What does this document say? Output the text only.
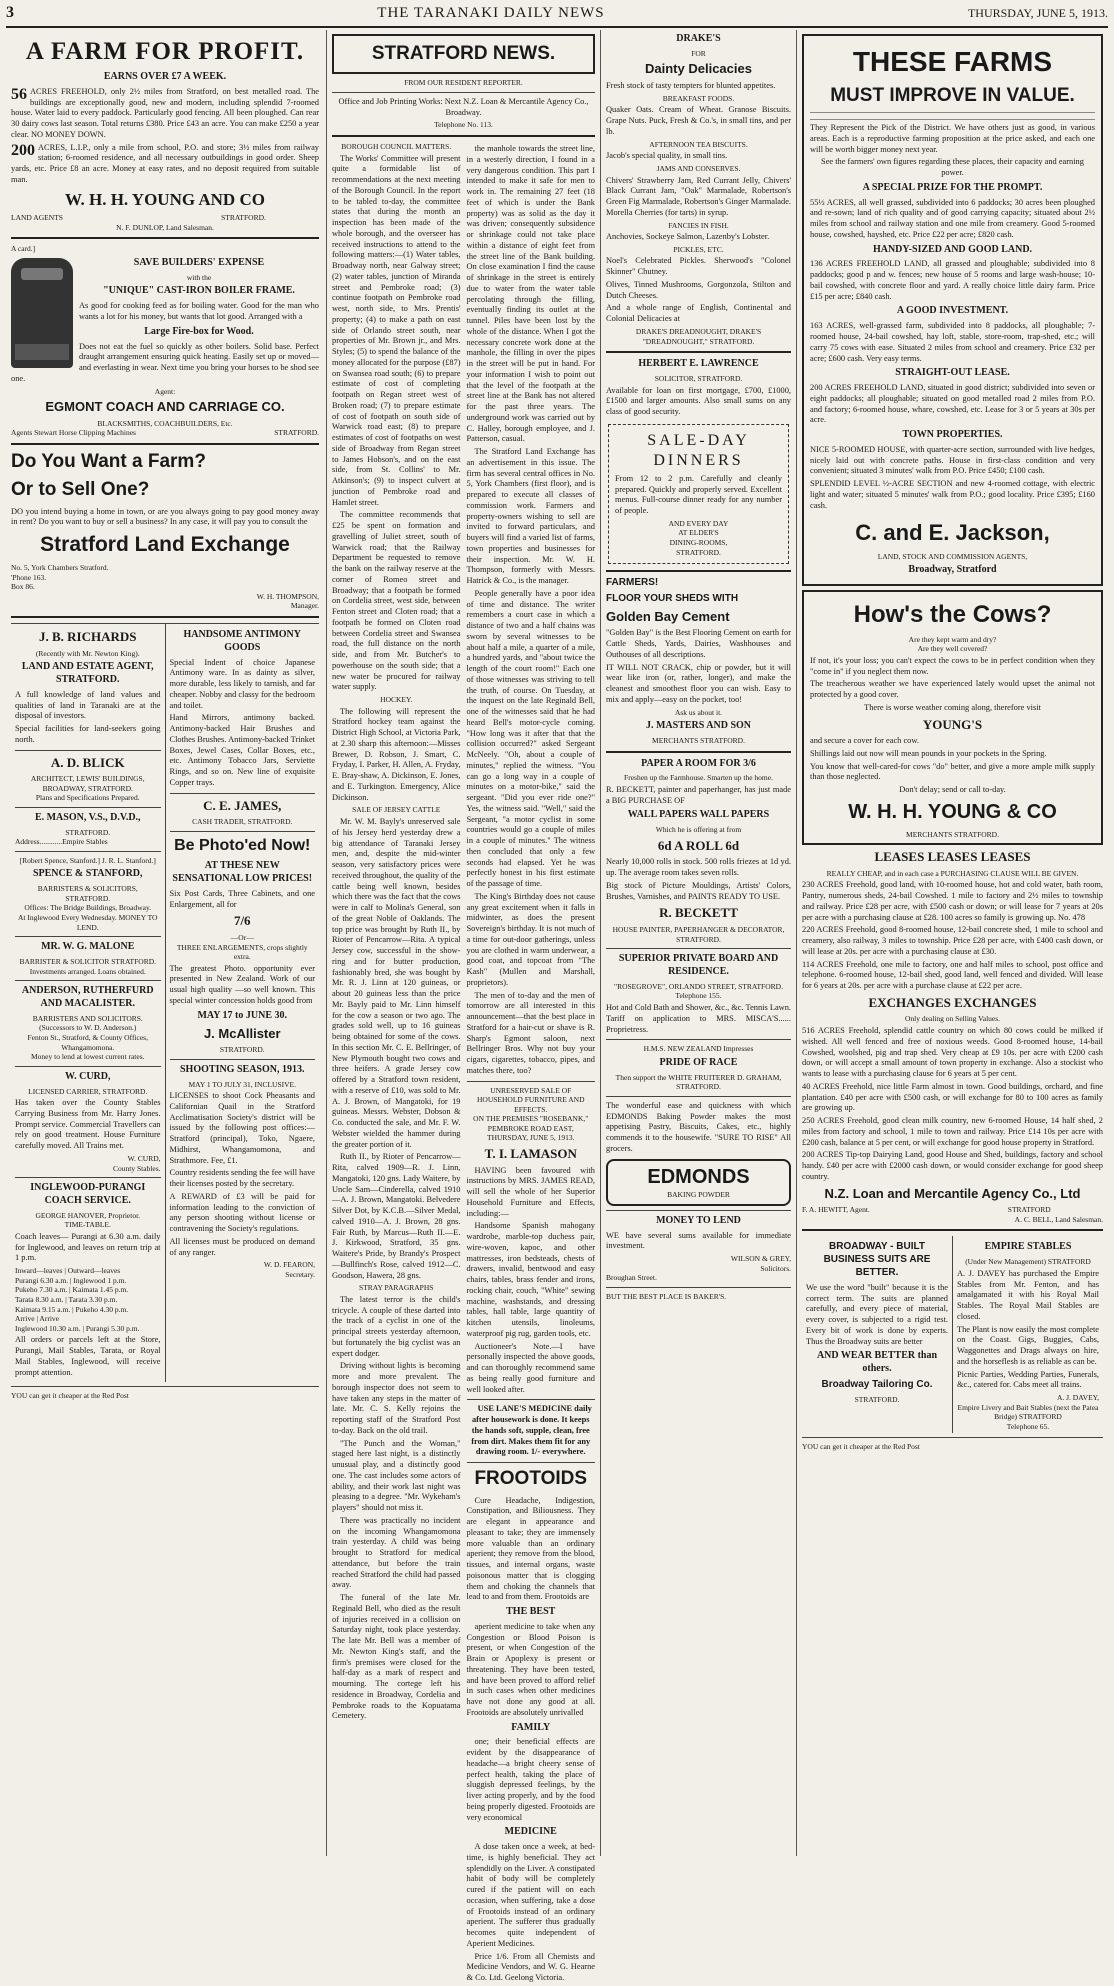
3	THE TARANAKI DAILY NEWS	THURSDAY, JUNE 5, 1913.
A FARM FOR PROFIT.
EARNS OVER £7 A WEEK.

56 ACRES FREEHOLD, only 2½ miles from Stratford, on best metalled road. The buildings are exceptionally good, new and modern, including splendid 7-roomed house. Water laid to every paddock. Particularly good fencing. All been ploughed. Can rear 30 dairy cows last season. Total returns £380. Price £43 an acre. You can make £250 a year clear. NO MONEY DOWN.

200 ACRES, L.I.P., only a mile from school, P.O. and store; 3½ miles from railway station; 6-roomed residence, and all necessary outbuildings in good order. Sheep yards, etc. Price £8 an acre. Money at easy rates, and no deposit required from suitable man.

W. H. H. YOUNG AND CO
LAND AGENTS	STRATFORD.
N. F. DUNLOP, Land Salesman.
A card.]
SAVE BUILDERS' EXPENSE
with the
"UNIQUE" CAST-IRON BOILER FRAME.

As good for cooking feed as for boiling water. Good for the man who wants a lot for his money, but wants that lot good. Arranged with a

Large Fire-box for Wood.

Does not eat the fuel so quickly as other boilers. Solid base. Perfect draught arrangement ensuring quick heating. Easily set up or moved—and everlasting in wear. Next time you bring your horses to be shod see one.

Agent:
EGMONT COACH AND CARRIAGE CO.
BLACKSMITHS, COACHBUILDERS, Etc.
Agents Stewart Horse Clipping Machines	STRATFORD.
Do You Want a Farm?
Or to Sell One?

DO you intend buying a home in town, or are you always going to pay good money away in rent? Do you want to buy or sell a business? In any case, it will pay you to consult the

Stratford Land Exchange
No. 5, York Chambers Stratford.
'Phone 163.
Box 86.
W. H. THOMPSON,
Manager.
J. B. RICHARDS
(Recently with Mr. Newton King).
LAND AND ESTATE AGENT, STRATFORD.

A full knowledge of land values and qualities of land in Taranaki are at the disposal of investors.

Special facilities for land-seekers going north.

A. D. BLICK
ARCHITECT, LEWIS' BUILDINGS, BROADWAY, STRATFORD.
Plans and Specifications Prepared.
E. MASON, V.S., D.V.D.,
STRATFORD.
Address............Empire Stables
[Robert Spence, Stanford.] J. R. L. Stanford.]
SPENCE & STANFORD,
BARRISTERS & SOLICITORS, STRATFORD.
Offices: The Bridge Buildings, Broadway.
At Inglewood Every Wednesday. MONEY TO LEND.
MR. W. G. MALONE
BARRISTER & SOLICITOR STRATFORD.
Investments arranged. Loans obtained.
ANDERSON, RUTHERFURD AND MACALISTER.
BARRISTERS AND SOLICITORS. (Successors to W. D. Anderson.)
Fenton St., Stratford, & County Offices, Whangamomona.
Money to lend at lowest current rates.
W. CURD,
LICENSED CARRIER, STRATFORD.

Has taken over the County Stables Carrying Business from Mr. Harry Jones. Prompt service. Commercial Travellers can rely on good treatment. House Furniture carefully moved. All Trains met.

W. CURD,
County Stables.
INGLEWOOD-PURANGI COACH SERVICE.
GEORGE HANOVER, Proprietor.
TIME-TABLE.

Coach leaves— Purangi at 6.30 a.m. daily for Inglewood, and leaves on return trip at 1 p.m.

Inward—leaves | Outward—leaves
Purangi 6.30 a.m. | Inglewood 1 p.m.
Pukeho 7.30 a.m. | Kaimata 1.45 p.m.
Tarata 8.30 a.m. | Tarata 3.30 p.m.
Kaimata 9.15 a.m. | Pukeho 4.30 p.m.
Arrive | Arrive
Inglewood 10.30 a.m. | Purangi 5.30 p.m.

All orders or parcels left at the Store, Purangi, Mail Stables, Tarata, or Royal Mail Stables, Inglewood, will receive prompt attention.

HANDSOME ANTIMONY GOODS

Special Indent of choice Japanese Antimony ware. In as dainty as silver, more durable, less likely to tarnish, and far cheaper. Nobby and classy for the bedroom and toilet.

Hand Mirrors, antimony backed. Antimony-backed Hair Brushes and Clothes Brushes. Antimony-backed Trinket Boxes, Jewel Cases, Collar Boxes, etc., etc. Antimony Tobacco Jars, Serviette Rings, and so on. New line of exquisite Copper trays.

C. E. JAMES,
CASH TRADER, STRATFORD.
Be Photo'ed Now!
AT THESE NEW SENSATIONAL LOW PRICES!

Six Post Cards, Three Cabinets, and one Enlargement, all for

7/6
—Or—
THREE ENLARGEMENTS, crops slightly extra.

The greatest Photo. opportunity ever presented in New Zealand. Work of our usual high quality —so well known. This special winter concession holds good from

MAY 17 to JUNE 30.
J. McAllister
STRATFORD.
SHOOTING SEASON, 1913.
MAY 1 TO JULY 31, INCLUSIVE.

LICENSES to shoot Cock Pheasants and Californian Quail in the Stratford Acclimatisation Society's district will be issued by the following post offices:—Stratford (principal), Toko, Ngaere, Midhirst, Whangamomona, and Strathmore. Fee, £1.

Country residents sending the fee will have their licenses posted by the secretary.

A REWARD of £3 will be paid for information leading to the conviction of any person shooting without license or contravening the Society's regulations.

All licenses must be produced on demand of any ranger.

W. D. FEARON,
Secretary.
YOU can get it cheaper at the Red Post
STRATFORD NEWS.
FROM OUR RESIDENT REPORTER.

Office and Job Printing Works: Next N.Z. Loan & Mercantile Agency Co., Broadway.

Telephone No. 113.
BOROUGH COUNCIL MATTERS.

The Works' Committee will present quite a formidable list of recommendations at the next meeting of the Borough Council. In the report to be tabled to-day, the committee states that during the month an inspection has been made of the whole borough, and the overseer has received instructions to attend to the following matters:—(1) Water tables, Broadway north, near Galway street; (2) water tables, junction of Miranda street and Pembroke road; (3) continue footpath on Pembroke road west, north side, to Mrs. Prentis' property; (4) to make a path on east side of Orlando street south, near properties of Mr. Brown jr., and Mrs. Styles; (5) to spend the balance of the money allocated for the purpose (£87) on Swansea road south; (6) to prepare estimate of cost of completing footpath on Regan street west of Broken road; (7) to prepare estimate of cost of footpath on south side of Warwick road east; (8) to prepare estimates of cost of footpaths on west side of Broadway from Regan street to James Hobson's, and on the east side, from St. Collins' to Mr. Atkinson's; (9) to inspect culvert at junction of Pembroke road and Hamlet street.

The committee recommends that £25 be spent on formation and gravelling of Juliet street, south of Warwick road; that the Railway Department be requested to remove the bank on the railway reserve at the corner of Romeo street and Broadway; that a footpath be formed on Cordelia street, west side, between Fenton street and Cloten road; that a footpath be formed on Cloten road between Cordelia street and Swansea road, the full distance on the north side, and from Mr. Butcher's to powerhouse on the south side; that a new water be procured for railway water supply.

HOCKEY.

The following will represent the Stratford hockey team against the District High School, at Victoria Park, at 2.30 sharp this afternoon:—Misses Brewer, D. Robson, J. Smart, C. Fryday, I. Parker, H. Allen, A. Fryday, E. Bray-shaw, A. Dickinson, E. Jones, and E. Turkington. Emergency, Alice Dickinson.

SALE OF JERSEY CATTLE

Mr. W. M. Bayly's unreserved sale of his Jersey herd yesterday drew a big attendance of Taranaki Jersey men, and, despite the mid-winter season, very satisfactory prices were received throughout, the quality of the cattle being well known, besides which there was the fact that the cows were in calf to Molina's General, son of the great Noble of Oaklands. The top price was brought by Ruth II., by Rioter of Pencarrow—Rita. A typical Jersey cow, successful in the show-ring and for butter production, fashionably bred, she was bought by Mr. R. J. Linn at 120 guineas, or about 20 guineas less than the price Mr. Bayly paid to Mr. Linn himself for the cow a season or two ago. The grades sold well, up to 16 guineas being obtained for some of the cows. In this section Mr. C. E. Bellringer, of New Plymouth bought two cows and three heifers. A grade Jersey cow offered by a Stratford town resident, with a reserve of £10, was sold to Mr. A. J. Brown, of Mangatoki, for 19 guineas. Messrs. Webster, Dobson & Co. conducted the sale, and Mr. F. W. Webster wielded the hammer during the greater portion of it.

Ruth II., by Rioter of Pencarrow—Rita, calved 1909—R. J. Linn, Mangatoki, 120 gns. Lady Waitere, by Uncle Sam—Cinderella, calved 1910—A. J. Brown, Mangatoki. Belvedere Silver Dot, by K.C.B.—Silver Medal, calved 1910—A. J. Brown, 28 gns. Fair Ruth, by Marcus—Ruth II.—E. J. Kirkwood, Stratford, 35 gns. Waitere's Pride, by Brandy's Prospect—Bullfinch's Rose, calved 1912—C. Goodson, Hawera, 28 gns.

STRAY PARAGRAPHS

The latest terror is the child's tricycle. A couple of these darted into the track of a cyclist in one of the principal streets yesterday afternoon, but fortunately the big cyclist was an expert dodger.

Driving without lights is becoming more and more prevalent. The borough inspector does not seem to have taken any steps in the matter of late. Mr. C. S. Kelly rejoins the reporting staff of the Stratford Post to-day. Back on the old trail.

"The Punch and the Woman," staged here last night, is a distinctly unusual play, and a distinctly good one. The cast includes some actors of ability, and their work last night was pleasing to a degree. "Mr. Wykeham's players" should not miss it.

There was practically no incident on the incoming Whangamomona train yesterday. A child was being brought to Stratford for medical attendance, but before the train reached Stratford the child had passed away.

The funeral of the late Mr. Reginald Bell, who died as the result of injuries received in a collision on Saturday night, took place yesterday. The late Mr. Bell was a member of Mr. Newton King's staff, and the firm's premises were closed for the half-day as a mark of respect and mourning. The cortege left his residence in Broadway, Cordelia and Pembroke roads to the Kopuatama Cemetery.

the manhole towards the street line, in a westerly direction, I found in a very dangerous condition. This part I intended to make it safe for men to work in. The remaining 27 feet (18 feet of which is under the Bank property) was as solid as the day it was driven; consequently subsidence or shrinkage could not take place within a distance of eight feet from the street line of the Bank building. On close examination I find the cause of shrinkage in the street is entirely due to water from the water table percolating through the filling, eventually finding its outlet at the tunnel. Piles have been lost by the whole of the distance. When I got the necessary concrete work done at the manhole, the filling in over the pipes in the street will be put in hand. For your information I wish to point out that the level of the footpath at the street line at the Bank has not altered for the past three years. The underground work was carried out by C. Halley, borough employee, and J. Patterson, casual.

The Stratford Land Exchange has an advertisement in this issue. The firm has several central offices in No. 5, York Chambers (first floor), and is prepared to execute all classes of commission work. Farmers and property-owners wishing to sell are invited to forward particulars, and buyers will find a varied list of farms, town properties and businesses for their inspection. Mr. W. H. Thompson, formerly with Messrs. Hatrick & Co., is the manager.

People generally have a poor idea of time and distance. The writer remembers a court case in which a distance of two and a half chains was sworn by several witnesses to be about half a mile, a quarter of a mile, a hundred yards, and "about twice the length of the court room!" Each one of those witnesses was striving to tell the truth, of course. On Tuesday, at the inquest on the late Reginald Bell, one of the witnesses said that he had heard Bell's motor-cycle coming. "How long was it after that that the collision occurred?" asked Sergeant McNeely. "Oh, about a couple of minutes," replied the witness. "You can go a long way in a couple of minutes on a motor-bike," said the sergeant. "Did you ever ride one?" Yes, the witness said. "Well," said the Sergeant, "a motor cyclist in some countries would go a couple of miles in a couple of minutes." The witness then concluded that only a few seconds had elapsed. Yet he was perfectly honest in his first estimate of the passage of time.

The King's Birthday does not cause any great excitement when it falls in midwinter, as does the present Sovereign's birthday. It is not much of a time for out-door gatherings, unless you are clothed in warm underwear, a good coat, and topcoat from "The Kash" (Mullen and Marshall, proprietors).

The men of to-day and the men of tomorrow are all interested in this announcement—that the best place in Stratford for a hair-cut or shave is R. Sharp's Egmont saloon, next Bellringer Bros. Why not buy your cigars, cigarettes, tobacco, pipes, and matches there, too?

UNRESERVED SALE OF HOUSEHOLD FURNITURE AND EFFECTS.
ON THE PREMISES "ROSEBANK," PEMBROKE ROAD EAST,
THURSDAY, JUNE 5, 1913.
T. I. LAMASON

HAVING been favoured with instructions by MRS. JAMES READ, will sell the whole of her Superior Household Furniture and Effects, including:—

Handsome Spanish mahogany wardrobe, marble-top duchess pair, wire-woven, kapoc, and other mattresses, iron bedsteads, chests of drawers, invalid, bentwood and easy chairs, tables, brass fender and irons, rocking chair, couch, "White" sewing machine, washstands, and dressing tables, hall table, large quantity of kitchen utensils, linoleums, waterproof pig rug, garden tools, etc.

Auctioneer's Note.—I have personally inspected the above goods, and can thoroughly recommend same as being really good furniture and well looked after.

USE LANE'S MEDICINE daily after housework is done. It keeps the hands soft, supple, clean, free from dirt. Makes them fit for any drawing room. 1/- everywhere.

FROOTOIDS

Cure Headache, Indigestion, Constipation, and Biliousness. They are elegant in appearance and pleasant to take; they are immensely more valuable than an ordinary aperient; they remove from the blood, tissues, and internal organs, waste poisonous matter that is clogging them and choking the channels that lead to and from them. Frootoids are

THE BEST

aperient medicine to take when any Congestion or Blood Poison is present, or when Congestion of the Brain or Apoplexy is present or threatening. They have been tested, and have been proved to afford relief in such cases when other medicines have not done any good at all. Frootoids are absolutely unrivalled

FAMILY

one; their beneficial effects are evident by the disappearance of headache—a bright cheery sense of perfect health, taking the place of sluggish depressed feelings, by the liver acting properly, and by the food being properly digested. Frootoids are very economical

MEDICINE

A dose taken once a week, at bed-time, is highly beneficial. They act splendidly on the Liver. A constipated habit of body will be completely cured if the patient will on each occasion, when suffering, take a dose of Frootoids instead of an ordinary aperient. The sufferer thus gradually becomes quite independent of Aperient Medicines.

Price 1/6. From all Chemists and Medicine Vendors, and W. G. Hearne & Co. Ltd. Geelong Victoria.

DRAKE'S
FOR
Dainty Delicacies

Fresh stock of tasty tempters for blunted appetites.

BREAKFAST FOODS.

Quaker Oats. Cream of Wheat. Granose Biscuits. Grape Nuts. Puck, Fresh & Co.'s, in small tins, and per lb.

AFTERNOON TEA BISCUITS.

Jacob's special quality, in small tins.

JAMS AND CONSERVES.

Chivers' Strawberry Jam, Red Currant Jelly, Chivers' Black Currant Jam, "Oak" Marmalade, Robertson's Green Fig Marmalade, Robertson's Ginger Marmalade. Morella Cherries (for tarts) in syrup.

FANCIES IN FISH.

Anchovies, Sockeye Salmon, Lazenby's Lobster.

PICKLES, ETC.

Noel's Celebrated Pickles. Sherwood's "Colonel Skinner" Chutney.

Olives, Tinned Mushrooms, Gorgonzola, Stilton and Dutch Cheeses.

And a whole range of English, Continental and Colonial Delicacies at

DRAKE'S DREADNOUGHT, DRAKE'S "DREADNOUGHT," STRATFORD.
HERBERT E. LAWRENCE
SOLICITOR, STRATFORD.

Available for loan on first mortgage, £700, £1000, £1500 and larger amounts. Also small sums on any class of good security.

SALE-DAY
DINNERS

From 12 to 2 p.m. Carefully and cleanly prepared. Quickly and properly served. Excellent menus. Full-course dinner ready for any number of people.

AND EVERY DAY
AT ELDER'S
DINING-ROOMS,
STRATFORD.
FARMERS!
FLOOR YOUR SHEDS WITH
Golden Bay Cement

"Golden Bay" is the Best Flooring Cement on earth for Cattle Sheds, Yards, Dairies, Washhouses and Outhouses of all descriptions.

IT WILL NOT CRACK, chip or powder, but it will wear like iron (or, rather, longer), and make the cleanest and smoothest floor you can wish. Easy to mix and apply—easy on the pocket, too!

Ask us about it.
J. MASTERS AND SON
MERCHANTS STRATFORD.
PAPER A ROOM FOR 3/6
Freshen up the Farmhouse. Smarten up the home.

R. BECKETT, painter and paperhanger, has just made a BIG PURCHASE OF

WALL PAPERS WALL PAPERS
Which he is offering at from
6d A ROLL 6d

Nearly 10,000 rolls in stock. 500 rolls friezes at 1d yd. up. The average room takes seven rolls.

Big stock of Picture Mouldings, Artists' Colors, Brushes, Varnishes, and PAINTS READY TO USE.

R. BECKETT
HOUSE PAINTER, PAPERHANGER & DECORATOR, STRATFORD.
SUPERIOR PRIVATE BOARD AND RESIDENCE.
"ROSEGROVE", ORLANDO STREET, STRATFORD. Telephone 155.

Hot and Cold Bath and Shower, &c., &c. Tennis Lawn. Tariff on application to MRS. MISCA'S...... Proprietress.

H.M.S. NEW ZEALAND Impresses
PRIDE OF RACE
Then support the WHITE FRUITERER D. GRAHAM, STRATFORD.

The wonderful ease and quickness with which EDMONDS Baking Powder makes the most appetising Pastry, Biscuits, Cakes, etc., highly commends it to the housewife. "SURE TO RISE" All grocers.

EDMONDS
BAKING POWDER
MONEY TO LEND

WE have several sums available for immediate investment.

WILSON & GREY,
Solicitors.
Broughan Street.
BUT THE BEST PLACE IS BAKER'S.
THESE FARMS
MUST IMPROVE IN VALUE.

They Represent the Pick of the District. We have others just as good, in various areas. Each is a reproductive farming proposition at the price asked, and each one will be worth bigger money next year.

See the farmers' own figures regarding these places, their capacity and earning power.

A SPECIAL PRIZE FOR THE PROMPT.

55½ ACRES, all well grassed, subdivided into 6 paddocks; 30 acres been ploughed and re-sown; land of rich quality and of good carrying capacity; situated about 2½ miles from school and railway station and one mile from creamery. Good 5-roomed house, cowshed, hayshed, etc. Price £22 per acre; £820 cash.

HANDY-SIZED AND GOOD LAND.

136 ACRES FREEHOLD LAND, all grassed and ploughable; subdivided into 8 paddocks; good p and w. fences; new house of 5 rooms and large wash-house; 10-bail cowshed, with concrete floor and yard. A really choice little dairy farm. Price £15 per acre; £840 cash.

A GOOD INVESTMENT.

163 ACRES, well-grassed farm, subdivided into 8 paddocks, all ploughable; 7-roomed house, 24-bail cowshed, hay loft, stable, store-room, trap-shed, etc.; will carry 75 cows with ease. Situated 2 miles from school and creamery. Price £32 per acre; £600 cash. Very easy terms.

STRAIGHT-OUT LEASE.

200 ACRES FREEHOLD LAND, situated in good district; subdivided into seven or eight paddocks; all ploughable; situated on good metalled road 2 miles from P.O. and factory; 6-roomed house, whare, cowshed, etc. Lease for 3 or 5 years at 30s per acre.

TOWN PROPERTIES.

NICE 5-ROOMED HOUSE, with quarter-acre section, surrounded with live hedges, nicely laid out with concrete paths. House in first-class condition and very convenient; situated 3 minutes' walk from P.O. Price £450; £100 cash.

SPLENDID LEVEL ½-ACRE SECTION and new 4-roomed cottage, with electric light and water; situated 5 minutes' walk from P.O.; good locality. Price £395; £160 cash.

C. and E. Jackson,
LAND, STOCK AND COMMISSION AGENTS,
Broadway, Stratford
How's the Cows?
Are they kept warm and dry?
Are they well covered?

If not, it's your loss; you can't expect the cows to be in perfect condition when they "come in" if you neglect them now.

The treacherous weather we have experienced lately would upset the animal not protected by a good cover.

There is worse weather coming along, therefore visit

YOUNG'S

and secure a cover for each cow.

Shillings laid out now will mean pounds in your pockets in the Spring.

You know that well-cared-for cows "do" better, and give a more ample milk supply than those neglected.

Don't delay; send or call to-day.

W. H. H. YOUNG & CO
MERCHANTS STRATFORD.
LEASES LEASES LEASES
REALLY CHEAP, and in each case a PURCHASING CLAUSE WILL BE GIVEN.

230 ACRES Freehold, good land, with 10-roomed house, hot and cold water, bath room, Pantry, numerous sheds, 24-bail Cowshed. 1 mile to factory and 2½ miles to township and railway. Price £28 per acre, with £500 cash or down; or will lease for 7 years at 20s per acre with a purchasing clause at £28. 100 acres so family is growing up. No. 478

220 ACRES Freehold, good 8-roomed house, 12-bail concrete shed, 1 mile to school and creamery, also railway, 3 miles to township. Price £28 per acre, with £400 cash down, or will lease at 20s. per acre with a purchasing clause at £30.

114 ACRES Freehold, one mile to factory, one and half miles to school, post office and telephone. 6-roomed house, 12-bail shed, good land, well fenced and divided. Will lease for 6 years at 20s. per acre with a purchase clause at £22 per acre.

EXCHANGES EXCHANGES
Only dealing on Selling Values.

516 ACRES Freehold, splendid cattle country on which 80 cows could be milked if wished. All well fenced and free of noxious weeds. Good 8-roomed house, 14-bail Cowshed, woolshed, pig and trap shed. Very cheap at £9 10s. per acre with £200 cash down, or will accept a small amount of town property in exchange. Also a stockist who wants to lease with a purchasing clause for 6 years at 5 per cent.

40 ACRES Freehold, nice little Farm almost in town. Good buildings, orchard, and fine plantation. £40 per acre with £500 cash, or will exchange for 80 to 100 acres as family are growing up.

250 ACRES Freehold, good clean milk country, new 6-roomed House, 14 half shed, 2 miles from factory and school, 1 mile to town and railway. Price £14 10s per acre with £200 cash, balance at 5 per cent, or will exchange for good house property in Stratford.

200 ACRES Tip-top Dairying Land, good House and Shed, buildings, factory and school handy. £40 per acre with £2000 cash down, or would consider exchange for good sheep country.

N.Z. Loan and Mercantile Agency Co., Ltd
F. A. HEWITT, Agent.	STRATFORD
A. C. BELL, Land Salesman.
BROADWAY - BUILT BUSINESS SUITS ARE BETTER.

We use the word "built" because it is the correct term. The suits are planned carefully, and every piece of material, every cover, is subjected to a rigid test. Every bit of work is done by experts. Thus the Broadway suits are better

AND WEAR BETTER than others.
Broadway Tailoring Co.
STRATFORD.
EMPIRE STABLES
(Under New Management) STRATFORD

A. J. DAVEY has purchased the Empire Stables from Mr. Fenton, and has amalgamated it with his Royal Mail Stables. The Royal Mail Stables are closed.

The Plant is now easily the most complete on the Coast. Gigs, Buggies, Cabs, Waggonettes and Drags always on hire, and the horseflesh is as reliable as can be.

Picnic Parties, Wedding Parties, Funerals, &c., catered for. Cabs meet all trains.

A. J. DAVEY,
Empire Livery and Bait Stables (next the Patea Bridge) STRATFORD
Telephone 65.
YOU can get it cheaper at the Red Post
